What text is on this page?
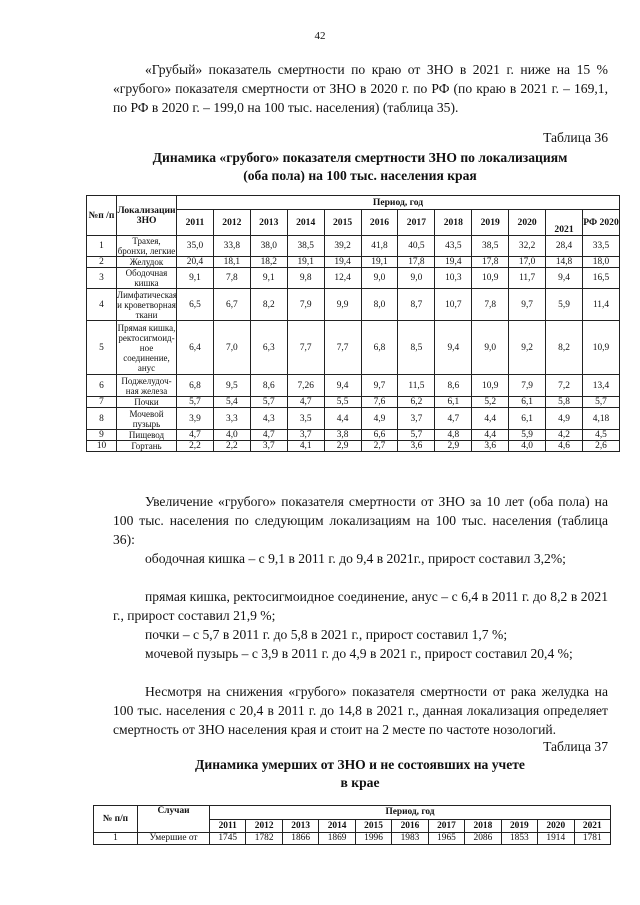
42

«Грубый» показатель смертности по краю от ЗНО в 2021 г. ниже на 15 % «грубого» показателя смертности от ЗНО в 2020 г. по РФ (по краю в 2021 г. – 169,1, по РФ в 2020 г. – 199,0 на 100 тыс. населения) (таблица 35).

Таблица 36

Динамика «грубого» показателя смертности ЗНО по локализациям
(оба пола) на 100 тыс. населения края

№п /п	Локализации ЗНО	Период, год											
		2011	2012	2013	2014	2015	2016	2017	2018	2019	2020	2021	РФ 2020
1	Трахея, бронхи, легкие	35,0	33,8	38,0	38,5	39,2	41,8	40,5	43,5	38,5	32,2	28,4	33,5
2	Желудок	20,4	18,1	18,2	19,1	19,4	19,1	17,8	19,4	17,8	17,0	14,8	18,0
3	Ободочная кишка	9,1	7,8	9,1	9,8	12,4	9,0	9,0	10,3	10,9	11,7	9,4	16,5
4	Лимфатическая и кроветворная ткани	6,5	6,7	8,2	7,9	9,9	8,0	8,7	10,7	7,8	9,7	5,9	11,4
5	Прямая кишка, ректосигмоид-ное соединение, анус	6,4	7,0	6,3	7,7	7,7	6,8	8,5	9,4	9,0	9,2	8,2	10,9
6	Поджелудоч-ная железа	6,8	9,5	8,6	7,26	9,4	9,7	11,5	8,6	10,9	7,9	7,2	13,4
7	Почки	5,7	5,4	5,7	4,7	5,5	7,6	6,2	6,1	5,2	6,1	5,8	5,7
8	Мочевой пузырь	3,9	3,3	4,3	3,5	4,4	4,9	3,7	4,7	4,4	6,1	4,9	4,18
9	Пищевод	4,7	4,0	4,7	3,7	3,8	6,6	5,7	4,8	4,4	5,9	4,2	4,5
10	Гортань	2,2	2,2	3,7	4,1	2,9	2,7	3,6	2,9	3,6	4,0	4,6	2,6

Увеличение «грубого» показателя смертности от ЗНО за 10 лет (оба пола) на 100 тыс. населения по следующим локализациям на 100 тыс. населения (таблица 36):

ободочная кишка – с 9,1 в 2011 г. до 9,4 в 2021г., прирост составил 3,2%;

прямая кишка, ректосигмоидное соединение, анус – с 6,4 в 2011 г. до 8,2 в 2021 г., прирост составил 21,9 %;

почки – с 5,7 в 2011 г. до 5,8 в 2021 г., прирост составил 1,7 %;

мочевой пузырь – с 3,9 в 2011 г. до 4,9 в 2021 г., прирост составил 20,4 %;

Несмотря на снижения «грубого» показателя смертности от рака желудка на 100 тыс. населения с 20,4 в 2011 г. до 14,8 в 2021 г., данная локализация определяет смертность от ЗНО населения края и стоит на 2 месте по частоте нозологий.

Таблица 37

Динамика умерших от ЗНО и не состоявших на учете
в крае

№ п/п	Случаи	Период, год										
		2011	2012	2013	2014	2015	2016	2017	2018	2019	2020	2021
1	Умершие от	1745	1782	1866	1869	1996	1983	1965	2086	1853	1914	1781
